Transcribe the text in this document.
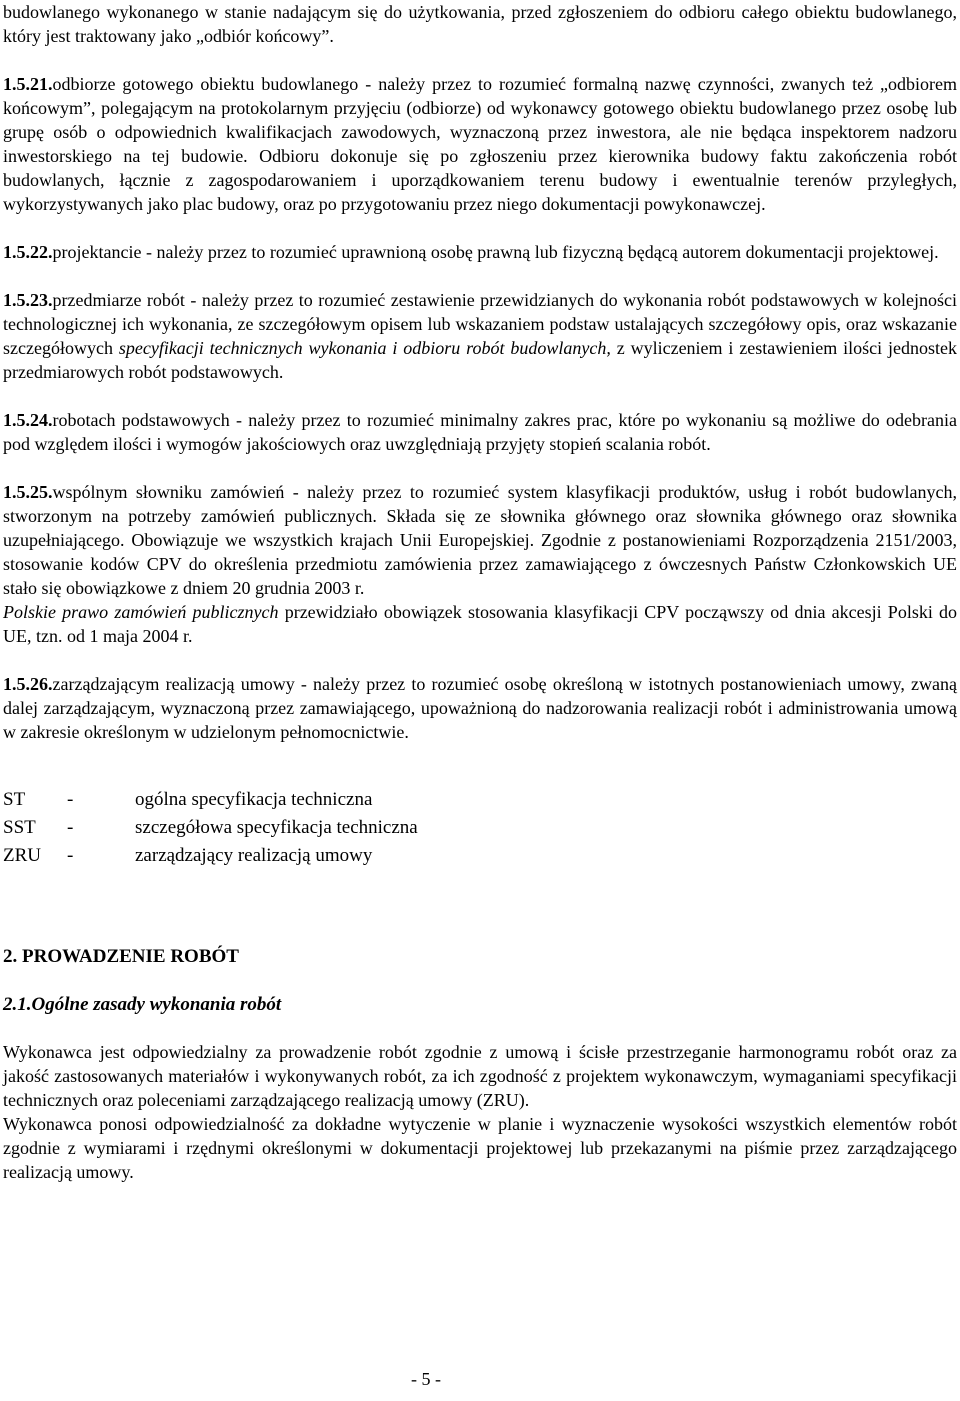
budowlanego wykonanego w stanie nadającym się do użytkowania, przed zgłoszeniem do odbioru całego obiektu budowlanego, który jest traktowany jako „odbiór końcowy”.

1.5.21.odbiorze gotowego obiektu budowlanego - należy przez to rozumieć formalną nazwę czynności, zwanych też „odbiorem końcowym”, polegającym na protokolarnym przyjęciu (odbiorze) od wykonawcy gotowego obiektu budowlanego przez osobę lub grupę osób o odpowiednich kwalifikacjach zawodowych, wyznaczoną przez inwestora, ale nie będąca inspektorem nadzoru inwestorskiego na tej budowie. Odbioru dokonuje się po zgłoszeniu przez kierownika budowy faktu zakończenia robót budowlanych, łącznie z zagospodarowaniem i uporządkowaniem terenu budowy i ewentualnie terenów przyległych, wykorzystywanych jako plac budowy, oraz po przygotowaniu przez niego dokumentacji powykonawczej.

1.5.22.projektancie - należy przez to rozumieć uprawnioną osobę prawną lub fizyczną będącą autorem dokumentacji projektowej.

1.5.23.przedmiarze robót - należy przez to rozumieć zestawienie przewidzianych do wykonania robót podstawowych w kolejności technologicznej ich wykonania, ze szczegółowym opisem lub wskazaniem podstaw ustalających szczegółowy opis, oraz wskazanie szczegółowych specyfikacji technicznych wykonania i odbioru robót budowlanych, z wyliczeniem i zestawieniem ilości jednostek przedmiarowych robót podstawowych.

1.5.24.robotach podstawowych - należy przez to rozumieć minimalny zakres prac, które po wykonaniu są możliwe do odebrania pod względem ilości i wymogów jakościowych oraz uwzględniają przyjęty stopień scalania robót.

1.5.25.wspólnym słowniku zamówień - należy przez to rozumieć system klasyfikacji produktów, usług i robót budowlanych, stworzonym na potrzeby zamówień publicznych. Składa się ze słownika głównego oraz słownika głównego oraz słownika uzupełniającego. Obowiązuje we wszystkich krajach Unii Europejskiej. Zgodnie z postanowieniami Rozporządzenia 2151/2003, stosowanie kodów CPV do określenia przedmiotu zamówienia przez zamawiającego z ówczesnych Państw Członkowskich UE stało się obowiązkowe z dniem 20 grudnia 2003 r.

Polskie prawo zamówień publicznych przewidziało obowiązek stosowania klasyfikacji CPV począwszy od dnia akcesji Polski do UE, tzn. od 1 maja 2004 r.

1.5.26.zarządzającym realizacją umowy - należy przez to rozumieć osobę określoną w istotnych postanowieniach umowy, zwaną dalej zarządzającym, wyznaczoną przez zamawiającego, upoważnioną do nadzorowania realizacji robót i administrowania umową w zakresie określonym w udzielonym pełnomocnictwie.

ST	-	ogólna specyfikacja techniczna
SST	-	szczegółowa specyfikacja techniczna
ZRU	-	zarządzający realizacją umowy
2. PROWADZENIE ROBÓT
2.1.Ogólne zasady wykonania robót

Wykonawca jest odpowiedzialny za prowadzenie robót zgodnie z umową i ścisłe przestrzeganie harmonogramu robót oraz za jakość zastosowanych materiałów i wykonywanych robót, za ich zgodność z projektem wykonawczym, wymaganiami specyfikacji technicznych oraz poleceniami zarządzającego realizacją umowy (ZRU).

Wykonawca ponosi odpowiedzialność za dokładne wytyczenie w planie i wyznaczenie wysokości wszystkich elementów robót zgodnie z wymiarami i rzędnymi określonymi w dokumentacji projektowej lub przekazanymi na piśmie przez zarządzającego realizacją umowy.

- 5 -
